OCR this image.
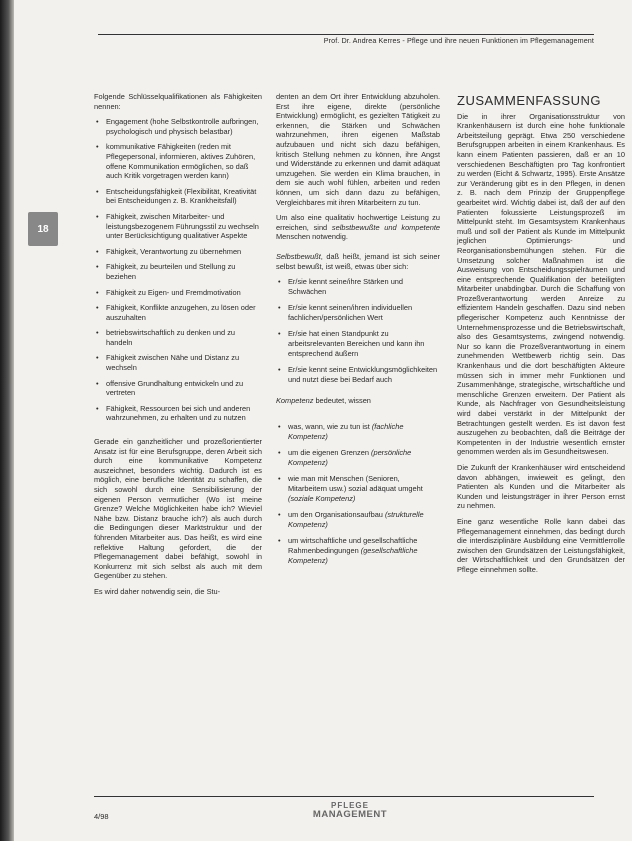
18
Prof. Dr. Andrea Kerres - Pflege und ihre neuen Funktionen im Pflegemanagement

Folgende Schlüsselqualifikationen als Fähigkeiten nennen:

• Engagement (hohe Selbstkontrolle aufbringen, psychologisch und physisch belastbar)
• kommunikative Fähigkeiten (reden mit Pflegepersonal, informieren, aktives Zuhören, offene Kommunikation ermöglichen, so daß auch Kritik vorgetragen werden kann)
• Entscheidungsfähigkeit (Flexibilität, Kreativität bei Entscheidungen z. B. Krankheitsfall)
• Fähigkeit, zwischen Mitarbeiter- und leistungsbezogenem Führungsstil zu wechseln unter Berücksichtigung qualitativer Aspekte
• Fähigkeit, Verantwortung zu übernehmen
• Fähigkeit, zu beurteilen und Stellung zu beziehen
• Fähigkeit zu Eigen- und Fremdmotivation
• Fähigkeit, Konflikte anzugehen, zu lösen oder auszuhalten
• betriebswirtschaftlich zu denken und zu handeln
• Fähigkeit zwischen Nähe und Distanz zu wechseln
• offensive Grundhaltung entwickeln und zu vertreten
• Fähigkeit, Ressourcen bei sich und anderen wahrzunehmen, zu erhalten und zu nutzen

Gerade ein ganzheitlicher und prozeßorientierter Ansatz ist für eine Berufsgruppe, deren Arbeit sich durch eine kommunikative Kompetenz auszeichnet, besonders wichtig. Dadurch ist es möglich, eine berufliche Identität zu schaffen, die sich sowohl durch eine Sensibilisierung der eigenen Person vermutlicher (Wo ist meine Grenze? Welche Möglichkeiten habe ich? Wieviel Nähe bzw. Distanz brauche ich?) als auch durch die Bedingungen dieser Marktstruktur und der führenden Mitarbeiter aus. Das heißt, es wird eine reflektive Haltung gefordert, die der Pflegemanagement dabei befähigt, sowohl in Konkurrenz mit sich selbst als auch mit dem Gegenüber zu stehen.

Es wird daher notwendig sein, die Stu-

denten an dem Ort ihrer Entwicklung abzuholen. Erst ihre eigene, direkte (persönliche Entwicklung) ermöglicht, es gezielten Tätigkeit zu erkennen, die Stärken und Schwächen wahrzunehmen, ihren eigenen Maßstab aufzubauen und nicht sich dazu befähigen, kritisch Stellung nehmen zu können, ihre Angst und Widerstände zu erkennen und damit adäquat umzugehen. Sie werden ein Klima brauchen, in dem sie auch wohl fühlen, arbeiten und reden können, um sich dann dazu zu befähigen, Vergleichbares mit ihren Mitarbeitern zu tun.

Um also eine qualitativ hochwertige Leistung zu erreichen, sind selbstbewußte und kompetente Menschen notwendig.

Selbstbewußt, daß heißt, jemand ist sich seiner selbst bewußt, ist weiß, etwas über sich:

• Er/sie kennt seine/ihre Stärken und Schwächen
• Er/sie kennt seinen/ihren individuellen fachlichen/persönlichen Wert
• Er/sie hat einen Standpunkt zu arbeitsrelevanten Bereichen und kann ihn entsprechend äußern
• Er/sie kennt seine Entwicklungsmöglichkeiten und nutzt diese bei Bedarf auch

Kompetenz bedeutet, wissen

• was, wann, wie zu tun ist (fachliche Kompetenz)
• um die eigenen Grenzen (persönliche Kompetenz)
• wie man mit Menschen (Senioren, Mitarbeitern usw.) sozial adäquat umgeht (soziale Kompetenz)
• um den Organisationsaufbau (strukturelle Kompetenz)
• um wirtschaftliche und gesellschaftliche Rahmenbedingungen (gesellschaftliche Kompetenz)
ZUSAMMENFASSUNG

Die in ihrer Organisationsstruktur von Krankenhäusern ist durch eine hohe funktionale Arbeitsteilung geprägt. Etwa 250 verschiedene Berufsgruppen arbeiten in einem Krankenhaus. Es kann einem Patienten passieren, daß er an 10 verschiedenen Beschäftigten pro Tag konfrontiert zu werden (Eicht & Schwartz, 1995). Erste Ansätze zur Veränderung gibt es in den Pflegen, in denen z. B. nach dem Prinzip der Gruppenpflege gearbeitet wird. Wichtig dabei ist, daß der auf den Patienten fokussierte Leistungsprozeß im Mittelpunkt steht. Im Gesamtsystem Krankenhaus muß und soll der Patient als Kunde im Mittelpunkt jeglichen Optimierungs- und Reorganisationsbemühungen stehen. Für die Umsetzung solcher Maßnahmen ist die Ausweisung von Entscheidungsspielräumen und eine entsprechende Qualifikation der beteiligten Mitarbeiter unabdingbar. Durch die Schaffung von Prozeßverantwortung werden Anreize zu effizientem Handeln geschaffen. Dazu sind neben pflegerischer Kompetenz auch Kenntnisse der Unternehmensprozesse und die Betriebswirtschaft, also des Gesamtsystems, zwingend notwendig. Nur so kann die Prozeßverantwortung in einem zunehmenden Wettbewerb richtig sein. Das Krankenhaus und die dort beschäftigten Akteure müssen sich in immer mehr Funktionen und Zusammenhänge, strategische, wirtschaftliche und menschliche Grenzen erweitern. Der Patient als Kunde, als Nachfrager von Gesundheitsleistung wird dabei verstärkt in der Mittelpunkt der Betrachtungen gestellt werden. Es ist davon fest auszugehen zu beobachten, daß die Beiträge der Kompetenten in der Industrie wesentlich ernster genommen werden als im Gesundheitswesen.

Die Zukunft der Krankenhäuser wird entscheidend davon abhängen, inwieweit es gelingt, den Patienten als Kunden und die Mitarbeiter als Kunden und leistungsträger in ihrer Person ernst zu nehmen.

Eine ganz wesentliche Rolle kann dabei das Pflegemanagement einnehmen, das bedingt durch die interdisziplinäre Ausbildung eine Vermittlerrolle zwischen den Grundsätzen der Leistungsfähigkeit, der Wirtschaftlichkeit und den Grundsätzen der Pflege einnehmen sollte.

4/98
PFLEGE
MANAGEMENT
